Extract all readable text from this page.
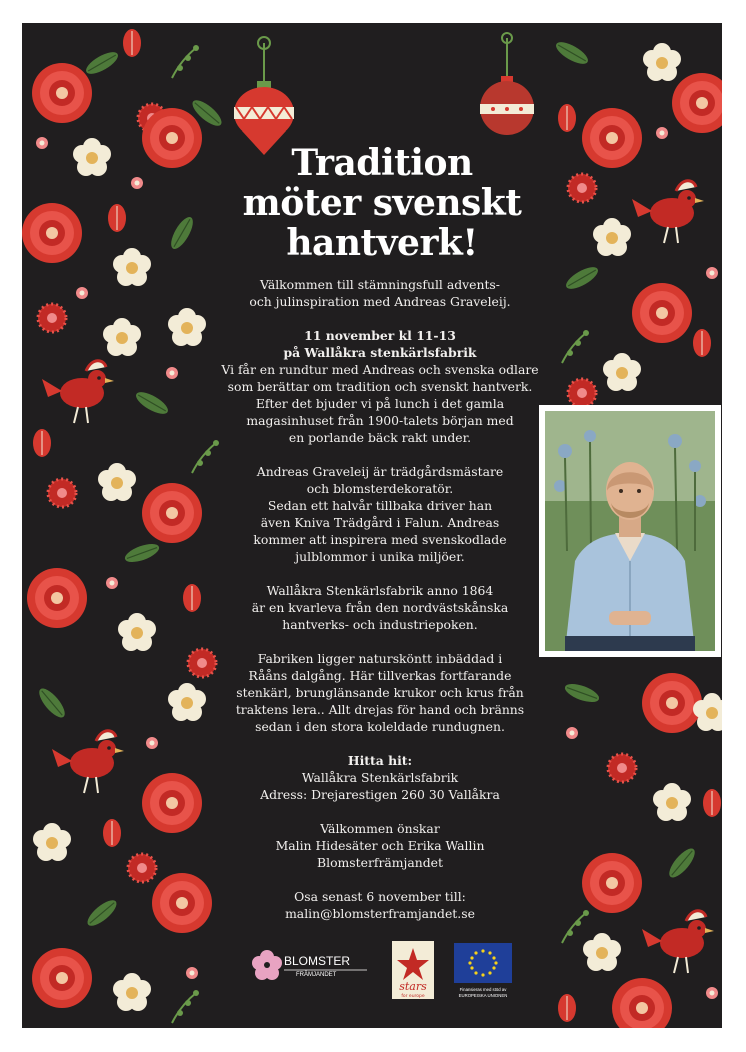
Tradition
möter svenskt
hantverk!

Välkommen till stämningsfull advents-

och julinspiration med Andreas Graveleij.

11 november kl 11-13

på Wallåkra stenkärlsfabrik

Vi får en rundtur med Andreas och svenska odlare

som berättar om tradition och svenskt hantverk.

Efter det bjuder vi på lunch i det gamla

magasinhuset från 1900-talets början med

en porlande bäck rakt under.

Andreas Graveleij är trädgårdsmästare

och blomsterdekoratör.

Sedan ett halvår tillbaka driver han

även Kniva Trädgård i Falun. Andreas

kommer att inspirera med svenskodlade

julblommor i unika miljöer.

Wallåkra Stenkärlsfabrik anno 1864

är en kvarleva från den nordvästskånska

hantverks- och industriepoken.

Fabriken ligger natursköntt inbäddad i

Rååns dalgång. Här tillverkas fortfarande

stenkärl, brunglänsande krukor och krus från

traktens lera.. Allt drejas för hand och bränns

sedan i den stora koleldade rundugnen.

Hitta hit:

Wallåkra Stenkärlsfabrik

Adress: Drejarestigen 260 30 Vallåkra

Välkommen önskar

Malin Hidesäter och Erika Wallin

Blomsterfrämjandet

Osa senast 6 november till:

malin@blomsterframjandet.se

BLOMSTER
FRÄMJANDET
stars
for europe
Finansieras med stöd av
EUROPEISKA UNIONEN
